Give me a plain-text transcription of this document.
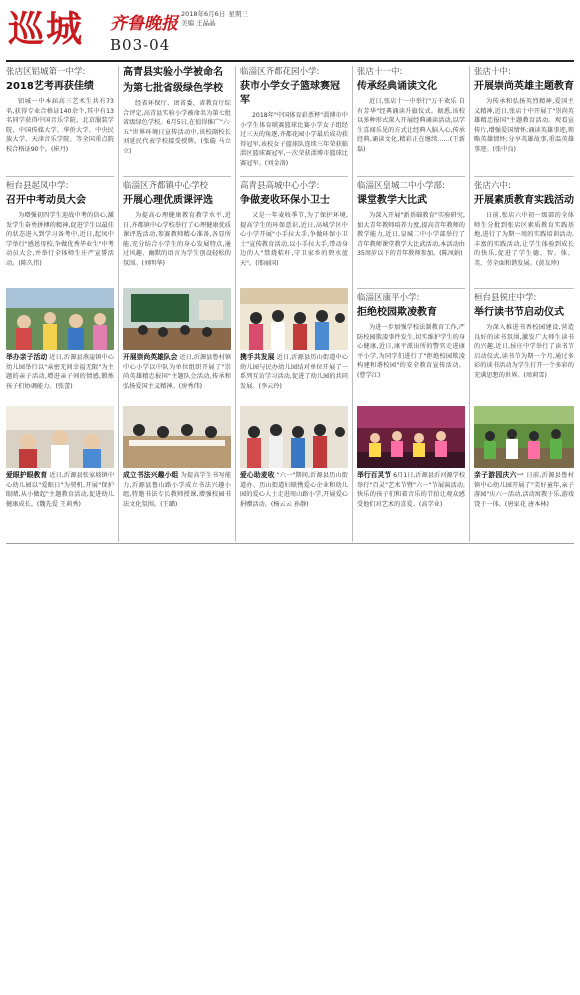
巡城 齐鲁晚报 2018年6月6日 星期三
美编 王晶晶
B03-04
张店区铝城第一中学:
2018艺考再获佳绩
铝城一中本届高三艺术生共有73名,获得专业合格证140余个,其中有13名同学获得中国音乐学院、北京服装学院、中国传媒大学、华侨大学、中央民族大学、天津音乐学院、等全国重点院校合格证90个。(崔丹)
桓台县起凤中学:
召开中考动员大会
为增强初四学生迎战中考的信心,激发学生奋勇拼搏的精神,促进学生以最佳的状态进入到学习备考中,近日,起凤中学举行"感恩母校,争做优秀毕业生"中考动员大会,并举行全体师生庄严宣誓活动。(陈久伟)
举办亲子活动 近日,沂源县燕崖镇中心幼儿园举行以"亲密无间幸福无限"为主题的亲子活动,增进亲子间的情感,锻炼孩子们协调能力。(张蕾)
爱眼护眼教育 近日,沂源县张家坡镇中心幼儿园以"爱眼日"为契机,开展"保护眼睛,从小做起"主题教育活动,促进幼儿健康成长。(魏先爱 王莉秀)
高青县实验小学被命名
为第七批省级绿色学校
经省环保厅、团省委、省教育厅综合评定,高青县实验小学被命名为第七批省级绿色学校。6月5日,在值得推广"六·五"世界环境日宣传活动中,该校副校长刘延民代表学校接受授牌。(张璇 马立立)
临淄区齐都镇中心学校
开展心理优质课评选
为提高心理健康教育教学水平,近日,齐都镇中心学校举行了心理健康优质课评选活动,参赛教师精心准备,各显所能,充分结合小学生的身心发展特点,通过风趣、幽默的语言为学生创设轻松的氛围。(刘明华)
开展崇尚英雄队会 近日,沂源县鲁村镇中心小学以中队为单位组织开展了"崇尚英雄精忠报国"主题队会活动,传承和弘扬爱国主义精神。(房秀伟)
成立书法兴趣小组 为提高学生书写能力,沂源县鲁山路小学成立书法兴趣小组,特邀书法专长教师授课,增强校园书法文化氛围。(王璐)
临淄区齐都花园小学:
获市小学女子篮球赛冠军
2018年"中国体育彩票杯"淄博市中小学生体育联赛篮球比赛小学女子组经过三天的角逐,齐都花园小学最后成功获得冠军,该校女子篮球队连续三年荣获临淄区篮球赛冠军,一次荣获淄博市篮球比赛冠军。(刘金洛)
高青县高城中心小学:
争做麦收环保小卫士
又是一年麦收季节,为了保护环境,提高学生的环保意识,近日,高城学区中心小学开展"小手拉大手,争做环保小卫士"宣传教育活动,以小手拉大手,带动身边的人"禁烧秸秆,守卫家乡的碧水蓝天"。(邢丽国)
携手共发展 近日,沂源县历山街道中心幼儿园与民办幼儿园结对单位开展了一系列互访学习活动,促进了幼儿园的共同发展。(李云玲)
爱心助麦收 "六一"期间,沂源县历山街道办、历山街道妇联携爱心企业和幼儿园的爱心人士走进周山路小学,开展爱心捐赠活动。(杨云云 孙静)
张店十一中:
传承经典诵读文化
近日,张店十一中举行"万千欢乐 自有芳华"经典诵读升旗仪式。据悉,该校以多种形式深入开展经典诵读活动,以学生喜闻乐见的方式让经典入脑入心,传承经典,诵读文化,精彩正在继续……(王新磊)
临淄区皇城二中小学部:
课堂教学大比武
为深入开展"新基础教育"实验研究,加大青年教师培养力度,提高青年教师的教学能力,近日,皇城二中小学部举行了青年教师课堂教学大比武活动,本活动由35周岁以下的青年教师参加。(陈凤娟)
临淄区康平小学:
拒绝校园欺凌教育
为进一步加强学校法制教育工作,严防校园欺凌事件发生,切实维护学生的身心健康,近日,康平派出所的警官走进康平小学,为同学们进行了"拒绝校园欺凌 构建和谐校园"的安全教育宣传活动。(曹学江)
举行百灵节 6月1日,沂源县沂河源学校举行"百灵"艺术节暨"六一"节展演活动,快乐的孩子们和着音乐的节拍让观众感受他们对艺术的喜爱。(高学业)
张店十中:
开展崇尚英雄主题教育
为传承和弘扬英烈精神,爱国主义精神,近日,张店十中开展了"崇尚英雄精忠报国"主题教育活动。观看宣传片,增强爱国情怀;诵读英雄事迹,领略英雄情怀;分享英雄故事,重温英雄事迹。(张中良)
张店六中:
开展素质教育实践活动
日前,张店六中初一级部的全体师生分批到张店区素质教育实践基地,进行了为期一周的实践培训活动,丰富的实践活动,让学生体验到成长的快乐,促进了学生德、智、体、美、劳全面和谐发展。(黄友珍)
桓台县侯庄中学:
举行读书节启动仪式
为深入推进书香校园建设,营造良好的读书氛围,激发广大师生读书的兴趣,近日,侯庄中学举行了读书节启动仪式,读书节为期一个月,通过多彩的读书活动为学生打开一个多彩的充满思想的世界。(周莉雪)
亲子游园庆六一 日前,沂源县鲁村镇中心幼儿园开展了"美好童年,亲子游园"庆六一活动,活动寓教于乐,游戏饶于一体。(唐家花 唐本林)
